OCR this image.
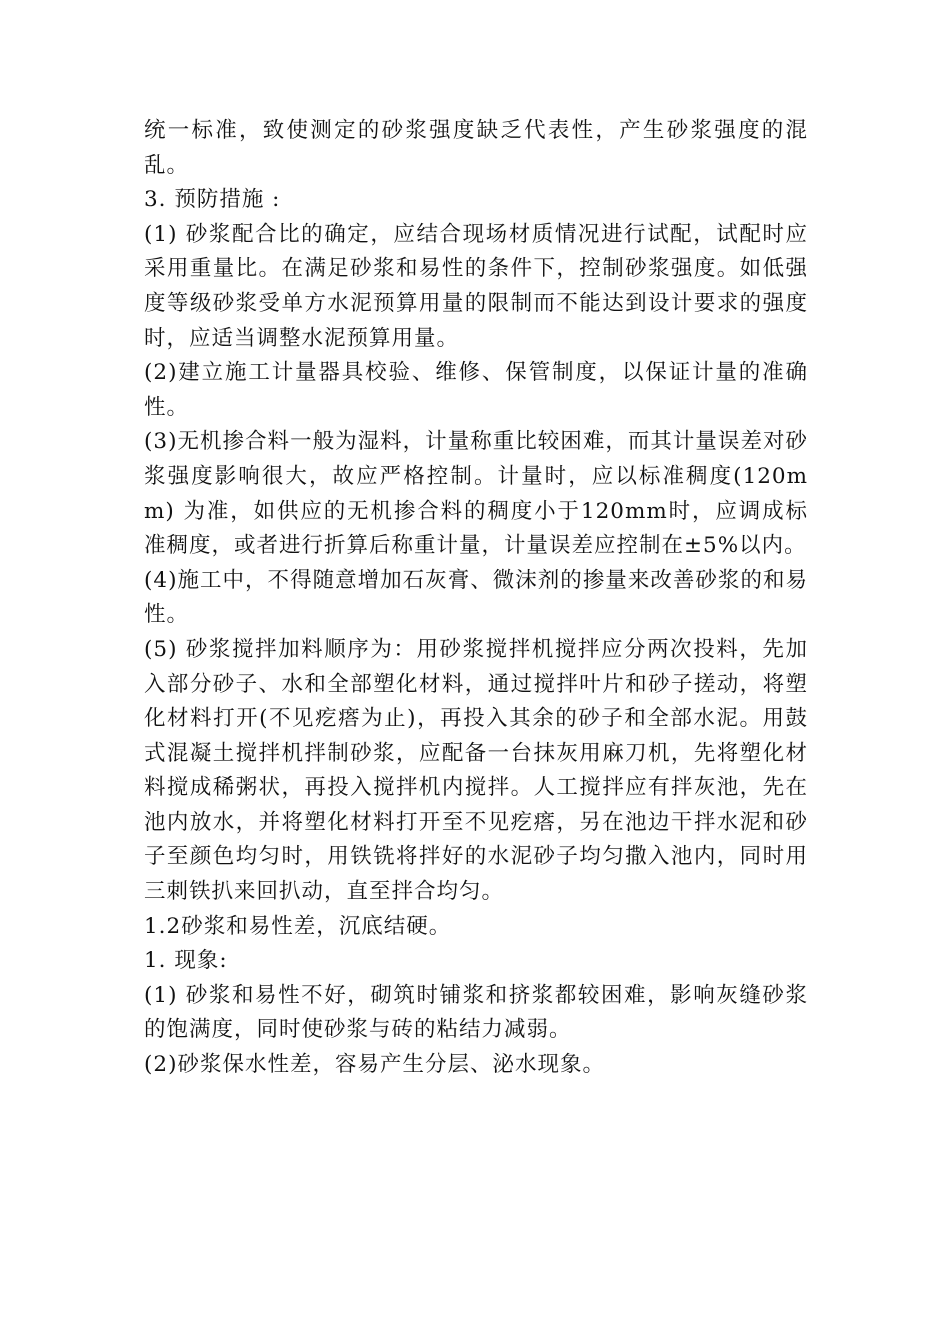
统一标准，致使测定的砂浆强度缺乏代表性，产生砂浆强度的混乱。

3. 预防措施 :

(1) 砂浆配合比的确定，应结合现场材质情况进行试配，试配时应采用重量比。在满足砂浆和易性的条件下，控制砂浆强度。如低强度等级砂浆受单方水泥预算用量的限制而不能达到设计要求的强度时，应适当调整水泥预算用量。

(2)建立施工计量器具校验、维修、保管制度，以保证计量的准确性。

(3)无机掺合料一般为湿料，计量称重比较困难，而其计量误差对砂浆强度影响很大，故应严格控制。计量时，应以标准稠度(120mm) 为准，如供应的无机掺合料的稠度小于120mm时，应调成标准稠度，或者进行折算后称重计量，计量误差应控制在±5%以内。

(4)施工中，不得随意增加石灰膏、微沫剂的掺量来改善砂浆的和易性。

(5) 砂浆搅拌加料顺序为：用砂浆搅拌机搅拌应分两次投料，先加入部分砂子、水和全部塑化材料，通过搅拌叶片和砂子搓动，将塑化材料打开(不见疙瘩为止)，再投入其余的砂子和全部水泥。用鼓式混凝土搅拌机拌制砂浆，应配备一台抹灰用麻刀机，先将塑化材料搅成稀粥状，再投入搅拌机内搅拌。人工搅拌应有拌灰池，先在池内放水，并将塑化材料打开至不见疙瘩，另在池边干拌水泥和砂子至颜色均匀时，用铁铣将拌好的水泥砂子均匀撒入池内，同时用三刺铁扒来回扒动，直至拌合均匀。

1.2砂浆和易性差，沉底结硬。

1. 现象:

(1) 砂浆和易性不好，砌筑时铺浆和挤浆都较困难，影响灰缝砂浆的饱满度，同时使砂浆与砖的粘结力减弱。

(2)砂浆保水性差，容易产生分层、泌水现象。
